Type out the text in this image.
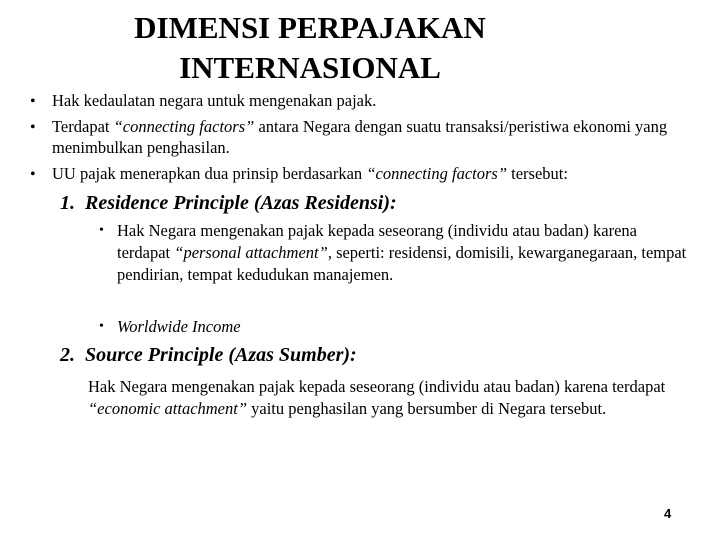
DIMENSI PERPAJAKAN
INTERNASIONAL
• Hak kedaulatan negara untuk mengenakan pajak.
• Terdapat “connecting factors” antara Negara dengan suatu transaksi/peristiwa ekonomi yang menimbulkan penghasilan.
• UU pajak menerapkan dua prinsip berdasarkan “connecting factors” tersebut:
1. Residence Principle (Azas Residensi):
• Hak Negara mengenakan pajak kepada seseorang (individu atau badan) karena terdapat “personal attachment”, seperti: residensi, domisili, kewarganegaraan, tempat pendirian, tempat kedudukan manajemen.
• Worldwide Income
2. Source Principle (Azas Sumber):
Hak Negara mengenakan pajak kepada seseorang (individu atau badan) karena terdapat “economic attachment” yaitu penghasilan yang bersumber di Negara tersebut.
4
